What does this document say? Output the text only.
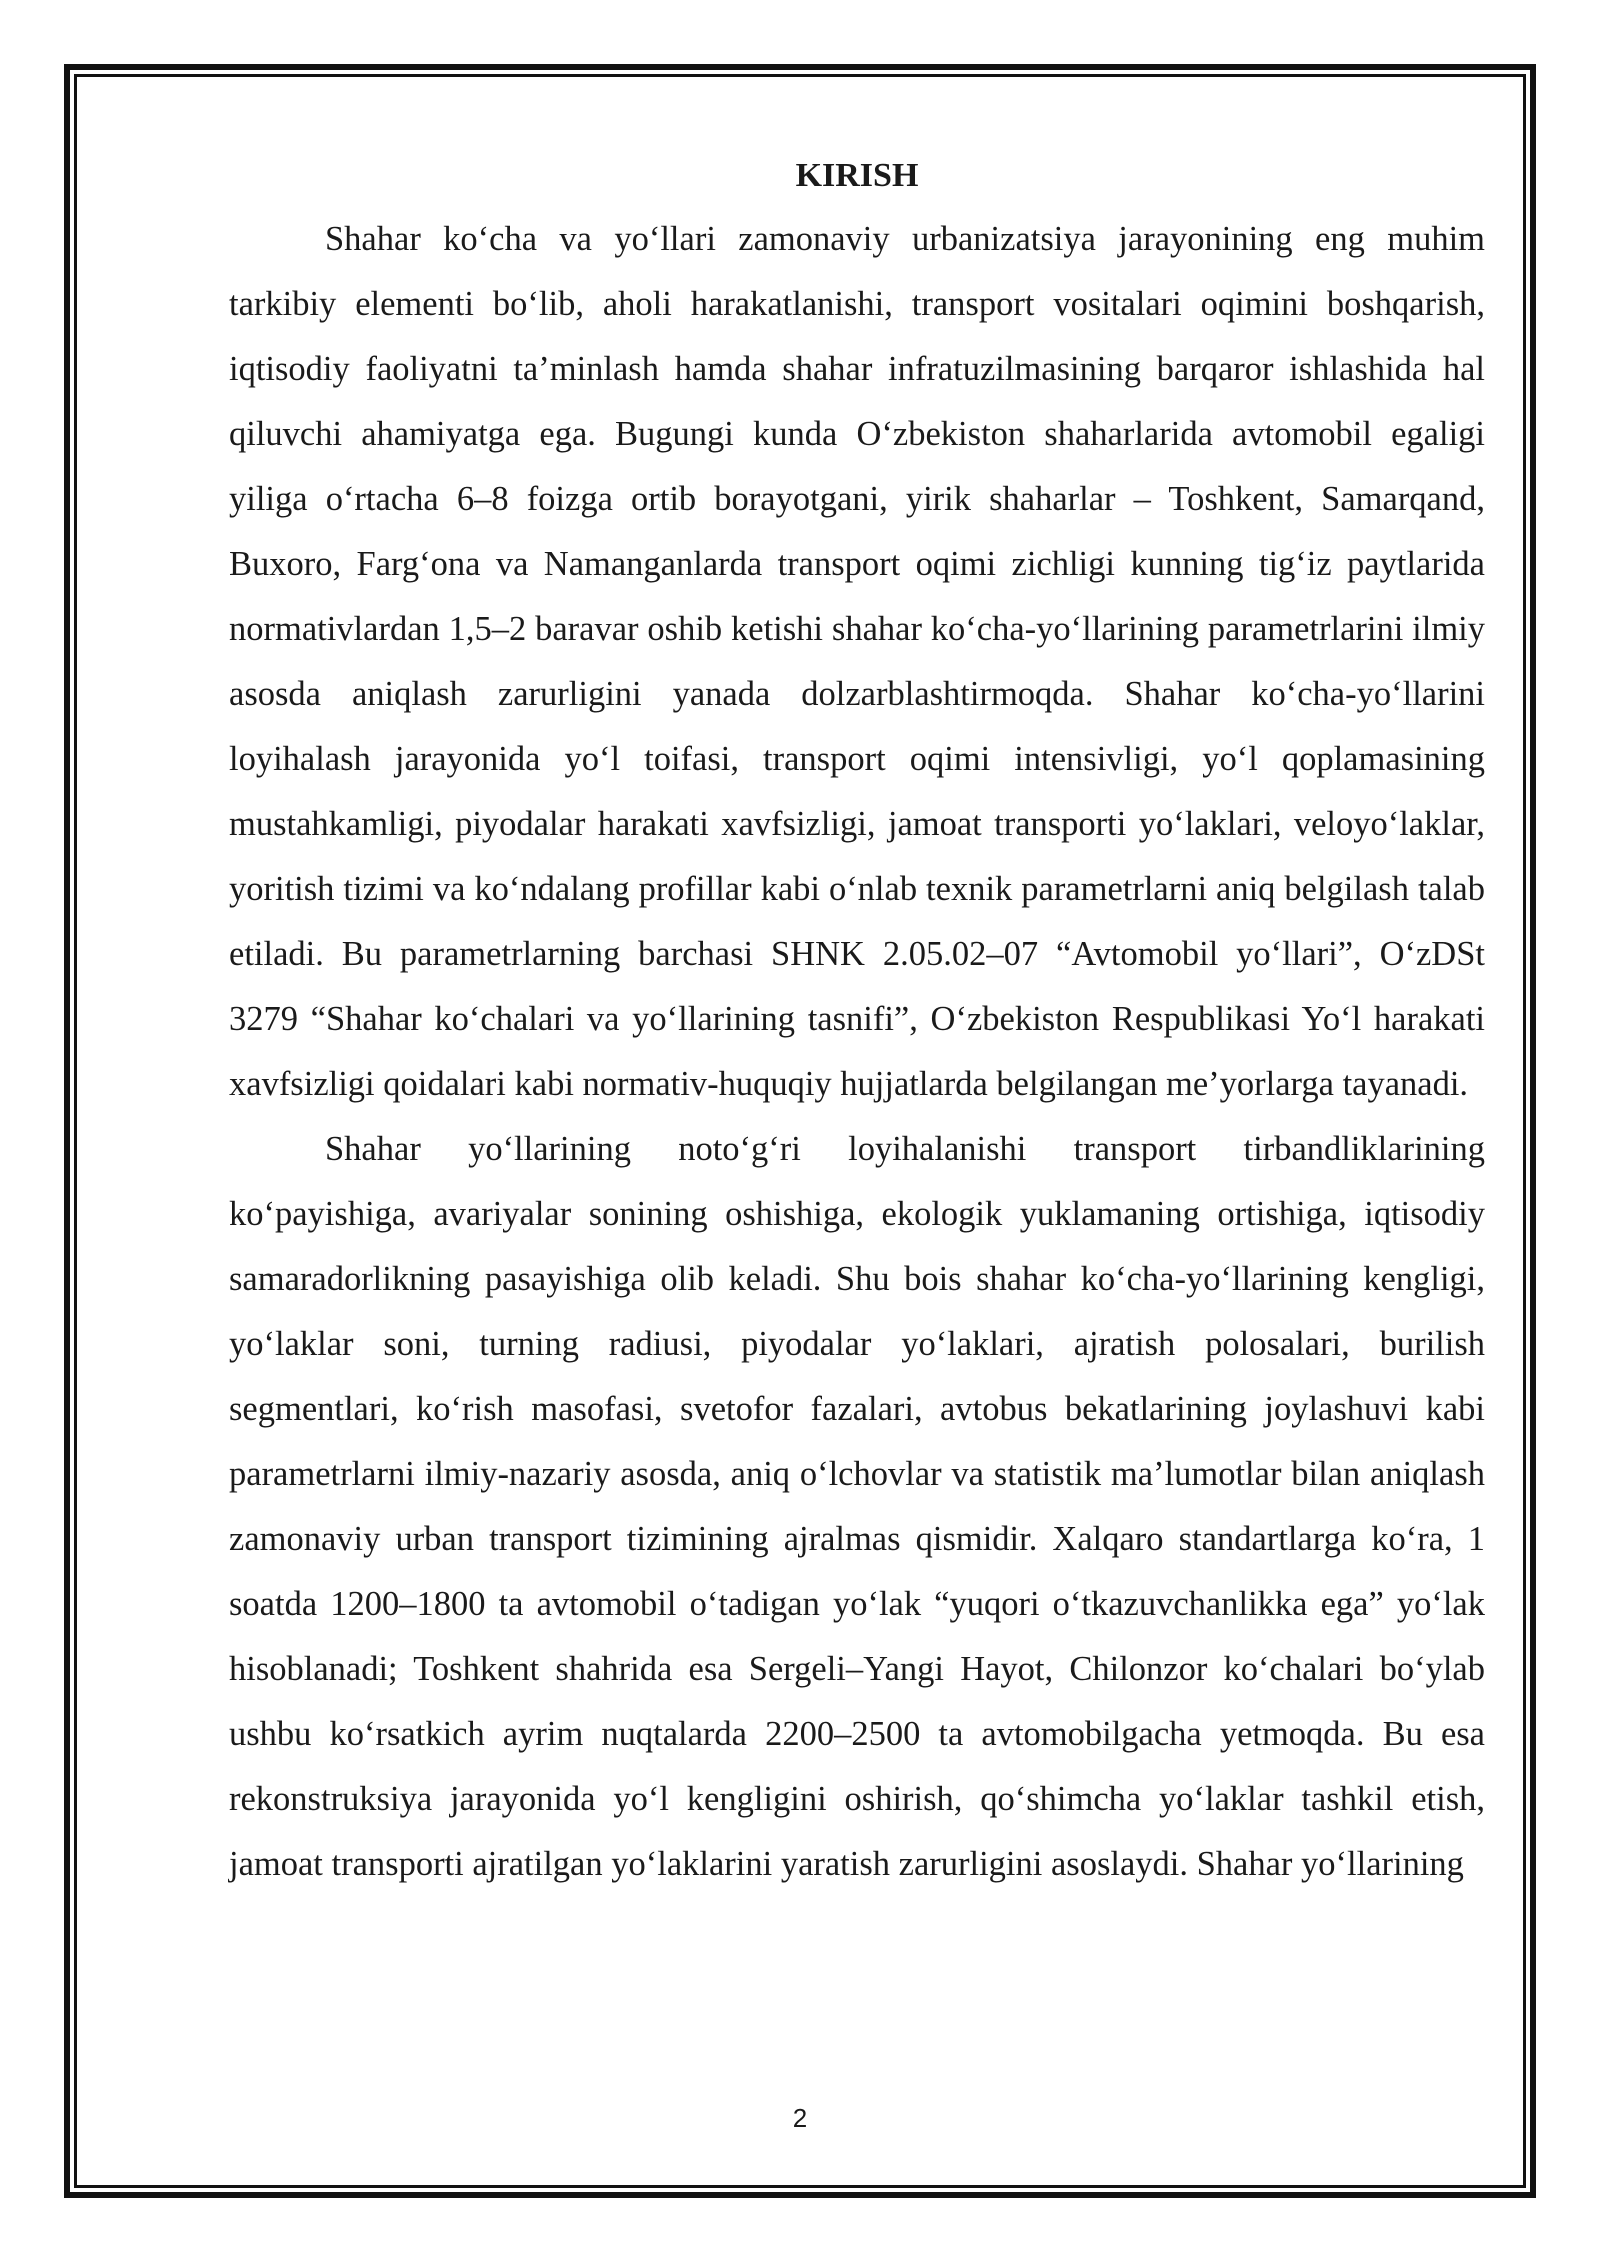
KIRISH

Shahar ko‘cha va yo‘llari zamonaviy urbanizatsiya jarayonining eng muhim tarkibiy elementi bo‘lib, aholi harakatlanishi, transport vositalari oqimini boshqarish, iqtisodiy faoliyatni ta’minlash hamda shahar infratuzilmasining barqaror ishlashida hal qiluvchi ahamiyatga ega. Bugungi kunda O‘zbekiston shaharlarida avtomobil egaligi yiliga o‘rtacha 6–8 foizga ortib borayotgani, yirik shaharlar – Toshkent, Samarqand, Buxoro, Farg‘ona va Namanganlarda transport oqimi zichligi kunning tig‘iz paytlarida normativlardan 1,5–2 baravar oshib ketishi shahar ko‘cha-yo‘llarining parametrlarini ilmiy asosda aniqlash zarurligini yanada dolzarblashtirmoqda. Shahar ko‘cha-yo‘llarini loyihalash jarayonida yo‘l toifasi, transport oqimi intensivligi, yo‘l qoplamasining mustahkamligi, piyodalar harakati xavfsizligi, jamoat transporti yo‘laklari, veloyo‘laklar, yoritish tizimi va ko‘ndalang profillar kabi o‘nlab texnik parametrlarni aniq belgilash talab etiladi. Bu parametrlarning barchasi SHNK 2.05.02–07 “Avtomobil yo‘llari”, O‘zDSt 3279 “Shahar ko‘chalari va yo‘llarining tasnifi”, O‘zbekiston Respublikasi Yo‘l harakati xavfsizligi qoidalari kabi normativ-huquqiy hujjatlarda belgilangan me’yorlarga tayanadi.

Shahar yo‘llarining noto‘g‘ri loyihalanishi transport tirbandliklarining ko‘payishiga, avariyalar sonining oshishiga, ekologik yuklamaning ortishiga, iqtisodiy samaradorlikning pasayishiga olib keladi. Shu bois shahar ko‘cha-yo‘llarining kengligi, yo‘laklar soni, turning radiusi, piyodalar yo‘laklari, ajratish polosalari, burilish segmentlari, ko‘rish masofasi, svetofor fazalari, avtobus bekatlarining joylashuvi kabi parametrlarni ilmiy-nazariy asosda, aniq o‘lchovlar va statistik ma’lumotlar bilan aniqlash zamonaviy urban transport tizimining ajralmas qismidir. Xalqaro standartlarga ko‘ra, 1 soatda 1200–1800 ta avtomobil o‘tadigan yo‘lak “yuqori o‘tkazuvchanlikka ega” yo‘lak hisoblanadi; Toshkent shahrida esa Sergeli–Yangi Hayot, Chilonzor ko‘chalari bo‘ylab ushbu ko‘rsatkich ayrim nuqtalarda 2200–2500 ta avtomobilgacha yetmoqda. Bu esa rekonstruksiya jarayonida yo‘l kengligini oshirish, qo‘shimcha yo‘laklar tashkil etish, jamoat transporti ajratilgan yo‘laklarini yaratish zarurligini asoslaydi. Shahar yo‘llarining

2
